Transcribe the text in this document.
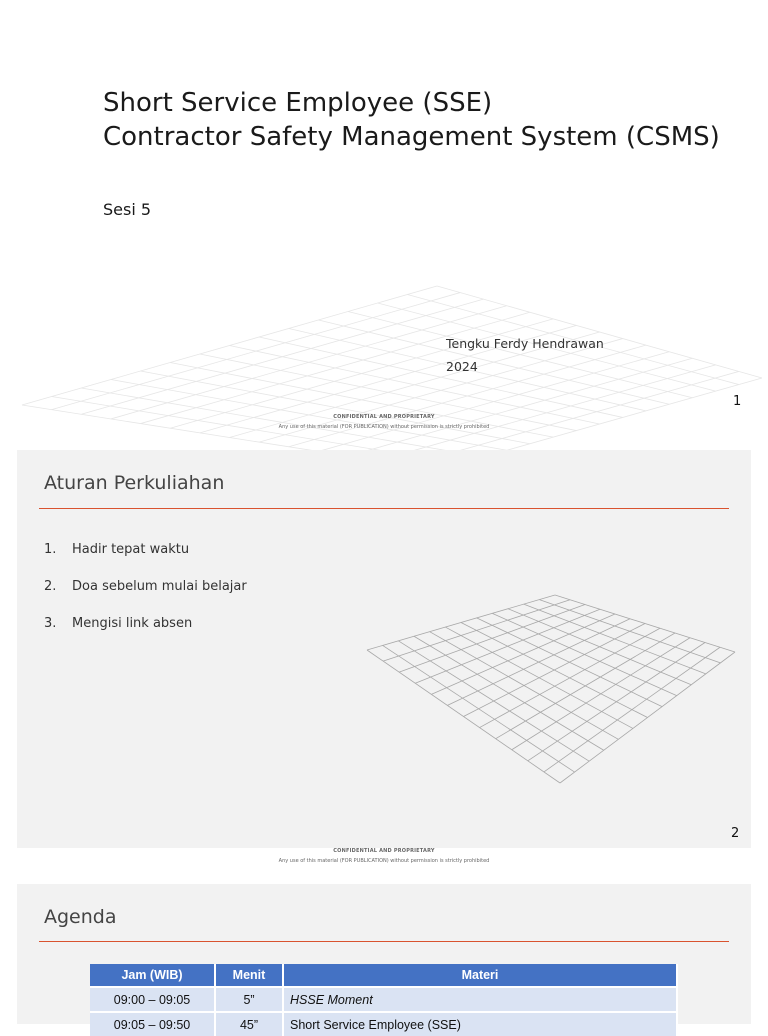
Short Service Employee (SSE)
Contractor Safety Management System (CSMS)
Sesi 5
Tengku Ferdy Hendrawan
2024
1
CONFIDENTIAL AND PROPRIETARY
Any use of this material (FOR PUBLICATION) without permission is strictly prohibited
Aturan Perkuliahan
1. Hadir tepat waktu
2. Doa sebelum mulai belajar
3. Mengisi link absen
2
CONFIDENTIAL AND PROPRIETARY
Any use of this material (FOR PUBLICATION) without permission is strictly prohibited
Agenda
Jam (WIB)	Menit	Materi
09:00 – 09:05	5”	HSSE Moment
09:05 – 09:50	45”	Short Service Employee (SSE)
